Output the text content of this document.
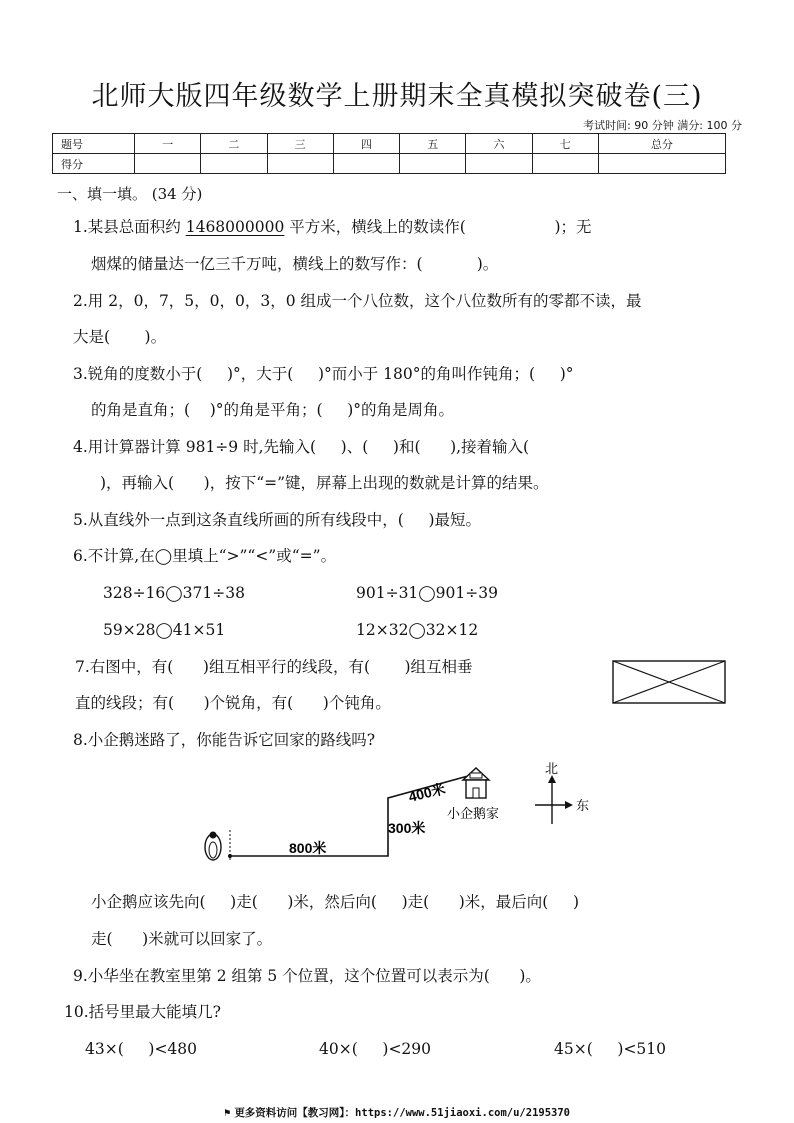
北师大版四年级数学上册期末全真模拟突破卷(三)
考试时间: 90 分钟 满分: 100 分
题号	一	二	三	四	五	六	七	总分
得分								
一、填一填。 (34 分)
1.某县总面积约 1468000000 平方米，横线上的数读作(                  )；无
烟煤的储量达一亿三千万吨，横线上的数写作：(           )。
2.用 2，0，7，5，0，0，3，0 组成一个八位数，这个八位数所有的零都不读，最
大是(       )。
3.锐角的度数小于(     )°，大于(     )°而小于 180°的角叫作钝角；(     )°
的角是直角；(    )°的角是平角；(     )°的角是周角。
4.用计算器计算 981÷9 时,先输入(     )、(     )和(      ),接着输入(
)，再输入(      )，按下“=”键，屏幕上出现的数就是计算的结果。
5.从直线外一点到这条直线所画的所有线段中，(     )最短。
6.不计算,在◯里填上“>”“<”或“=”。
328÷16◯371÷38	901÷31◯901÷39
59×28◯41×51	12×32◯32×12
7.右图中，有(      )组互相平行的线段，有(       )组互相垂
直的线段；有(      )个锐角，有(      )个钝角。
8.小企鹅迷路了，你能告诉它回家的路线吗?
800米
300米
400米
小企鹅家
北
东
小企鹅应该先向(     )走(      )米，然后向(     )走(      )米，最后向(     )
走(      )米就可以回家了。
9.小华坐在教室里第 2 组第 5 个位置，这个位置可以表示为(      )。
10.括号里最大能填几?
43×(     )<480	40×(     )<290	45×(     )<510
⚑ 更多资料访问【教习网】：https://www.51jiaoxi.com/u/2195370
